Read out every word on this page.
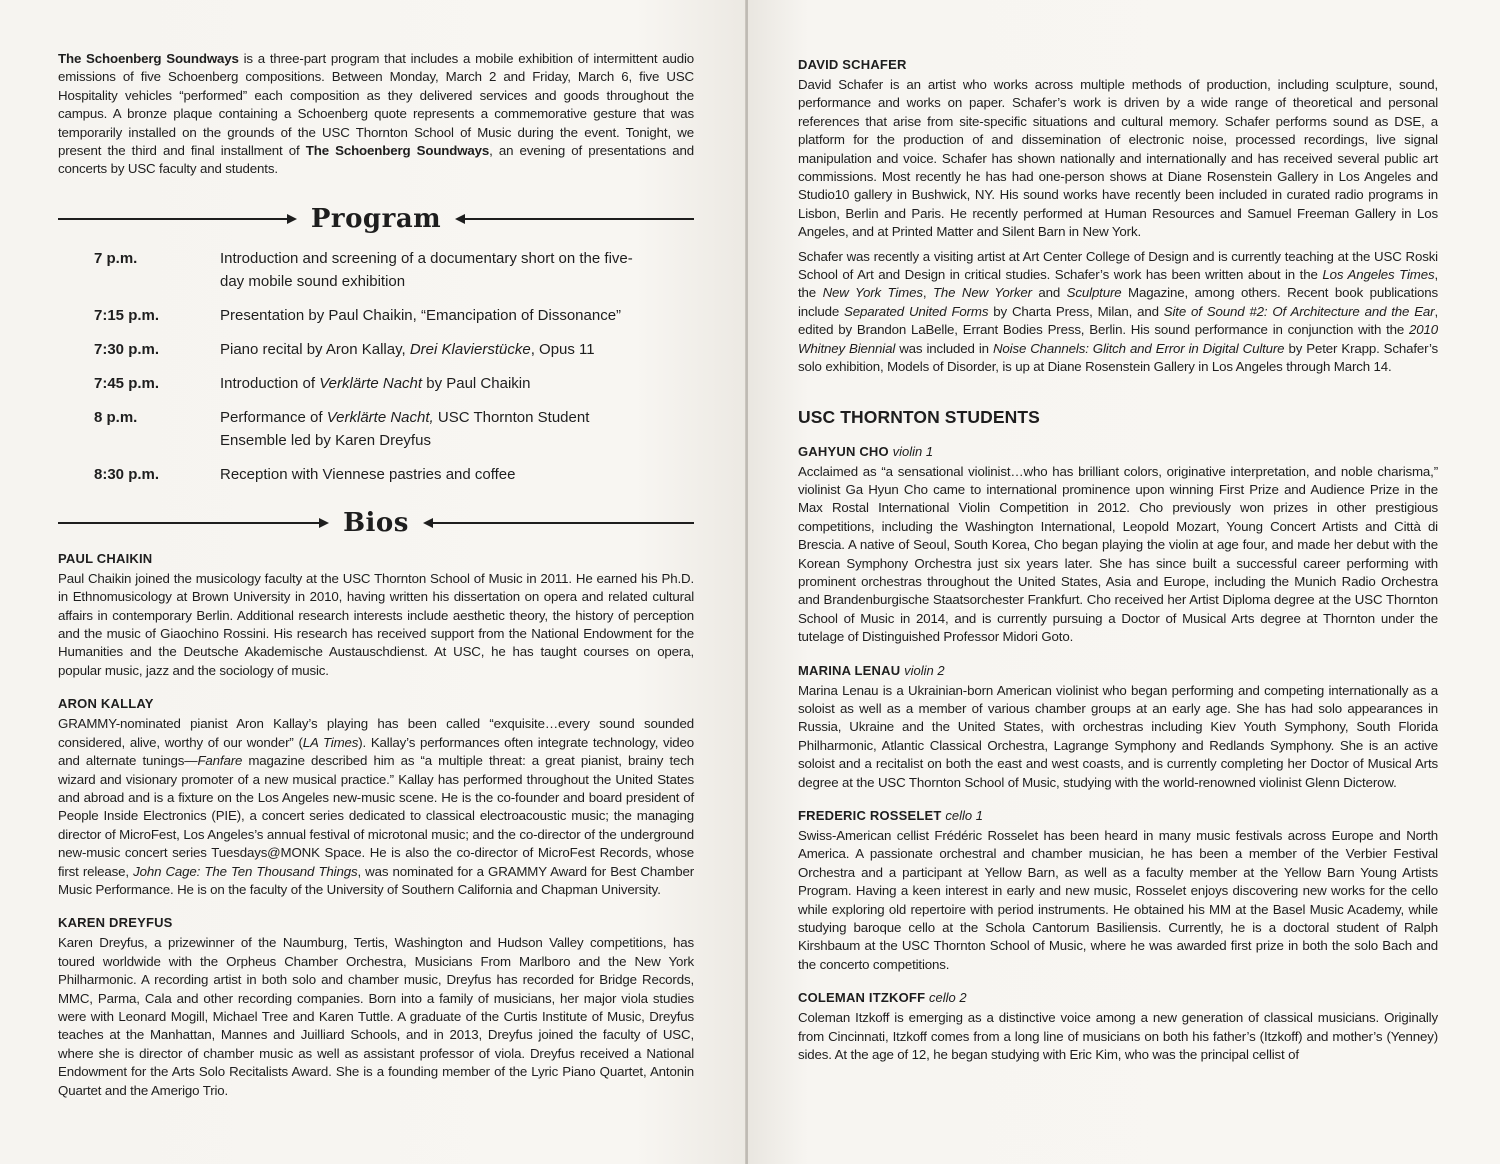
The Schoenberg Soundways is a three-part program that includes a mobile exhibition of intermittent audio emissions of five Schoenberg compositions. Between Monday, March 2 and Friday, March 6, five USC Hospitality vehicles “performed” each composition as they delivered services and goods throughout the campus. A bronze plaque containing a Schoenberg quote represents a commemorative gesture that was temporarily installed on the grounds of the USC Thornton School of Music during the event. Tonight, we present the third and final installment of The Schoenberg Soundways, an evening of presentations and concerts by USC faculty and students.

Program
7 p.m.	Introduction and screening of a documentary short on the five-day mobile sound exhibition
7:15 p.m.	Presentation by Paul Chaikin, “Emancipation of Dissonance”
7:30 p.m.	Piano recital by Aron Kallay, Drei Klavierstücke, Opus 11
7:45 p.m.	Introduction of Verklärte Nacht by Paul Chaikin
8 p.m.	Performance of Verklärte Nacht, USC Thornton Student Ensemble led by Karen Dreyfus
8:30 p.m.	Reception with Viennese pastries and coffee
Bios
PAUL CHAIKIN

Paul Chaikin joined the musicology faculty at the USC Thornton School of Music in 2011. He earned his Ph.D. in Ethnomusicology at Brown University in 2010, having written his dissertation on opera and related cultural affairs in contemporary Berlin. Additional research interests include aesthetic theory, the history of perception and the music of Giaochino Rossini. His research has received support from the National Endowment for the Humanities and the Deutsche Akademische Austauschdienst. At USC, he has taught courses on opera, popular music, jazz and the sociology of music.

ARON KALLAY

GRAMMY-nominated pianist Aron Kallay’s playing has been called “exquisite…every sound sounded considered, alive, worthy of our wonder” (LA Times). Kallay’s performances often integrate technology, video and alternate tunings—Fanfare magazine described him as “a multiple threat: a great pianist, brainy tech wizard and visionary promoter of a new musical practice.” Kallay has performed throughout the United States and abroad and is a fixture on the Los Angeles new-music scene. He is the co-founder and board president of People Inside Electronics (PIE), a concert series dedicated to classical electroacoustic music; the managing director of MicroFest, Los Angeles’s annual festival of microtonal music; and the co-director of the underground new-music concert series Tuesdays@MONK Space. He is also the co-director of MicroFest Records, whose first release, John Cage: The Ten Thousand Things, was nominated for a GRAMMY Award for Best Chamber Music Performance. He is on the faculty of the University of Southern California and Chapman University.

KAREN DREYFUS

Karen Dreyfus, a prizewinner of the Naumburg, Tertis, Washington and Hudson Valley competitions, has toured worldwide with the Orpheus Chamber Orchestra, Musicians From Marlboro and the New York Philharmonic. A recording artist in both solo and chamber music, Dreyfus has recorded for Bridge Records, MMC, Parma, Cala and other recording companies. Born into a family of musicians, her major viola studies were with Leonard Mogill, Michael Tree and Karen Tuttle. A graduate of the Curtis Institute of Music, Dreyfus teaches at the Manhattan, Mannes and Juilliard Schools, and in 2013, Dreyfus joined the faculty of USC, where she is director of chamber music as well as assistant professor of viola. Dreyfus received a National Endowment for the Arts Solo Recitalists Award. She is a founding member of the Lyric Piano Quartet, Antonin Quartet and the Amerigo Trio.

DAVID SCHAFER

David Schafer is an artist who works across multiple methods of production, including sculpture, sound, performance and works on paper. Schafer’s work is driven by a wide range of theoretical and personal references that arise from site-specific situations and cultural memory. Schafer performs sound as DSE, a platform for the production of and dissemination of electronic noise, processed recordings, live signal manipulation and voice. Schafer has shown nationally and internationally and has received several public art commissions. Most recently he has had one-person shows at Diane Rosenstein Gallery in Los Angeles and Studio10 gallery in Bushwick, NY. His sound works have recently been included in curated radio programs in Lisbon, Berlin and Paris. He recently performed at Human Resources and Samuel Freeman Gallery in Los Angeles, and at Printed Matter and Silent Barn in New York.

Schafer was recently a visiting artist at Art Center College of Design and is currently teaching at the USC Roski School of Art and Design in critical studies. Schafer’s work has been written about in the Los Angeles Times, the New York Times, The New Yorker and Sculpture Magazine, among others. Recent book publications include Separated United Forms by Charta Press, Milan, and Site of Sound #2: Of Architecture and the Ear, edited by Brandon LaBelle, Errant Bodies Press, Berlin. His sound performance in conjunction with the 2010 Whitney Biennial was included in Noise Channels: Glitch and Error in Digital Culture by Peter Krapp. Schafer’s solo exhibition, Models of Disorder, is up at Diane Rosenstein Gallery in Los Angeles through March 14.

USC THORNTON STUDENTS
GAHYUN CHO violin 1

Acclaimed as “a sensational violinist…who has brilliant colors, originative interpretation, and noble charisma,” violinist Ga Hyun Cho came to international prominence upon winning First Prize and Audience Prize in the Max Rostal International Violin Competition in 2012. Cho previously won prizes in other prestigious competitions, including the Washington International, Leopold Mozart, Young Concert Artists and Città di Brescia. A native of Seoul, South Korea, Cho began playing the violin at age four, and made her debut with the Korean Symphony Orchestra just six years later. She has since built a successful career performing with prominent orchestras throughout the United States, Asia and Europe, including the Munich Radio Orchestra and Brandenburgische Staatsorchester Frankfurt. Cho received her Artist Diploma degree at the USC Thornton School of Music in 2014, and is currently pursuing a Doctor of Musical Arts degree at Thornton under the tutelage of Distinguished Professor Midori Goto.

MARINA LENAU violin 2

Marina Lenau is a Ukrainian-born American violinist who began performing and competing internationally as a soloist as well as a member of various chamber groups at an early age. She has had solo appearances in Russia, Ukraine and the United States, with orchestras including Kiev Youth Symphony, South Florida Philharmonic, Atlantic Classical Orchestra, Lagrange Symphony and Redlands Symphony. She is an active soloist and a recitalist on both the east and west coasts, and is currently completing her Doctor of Musical Arts degree at the USC Thornton School of Music, studying with the world-renowned violinist Glenn Dicterow.

FREDERIC ROSSELET cello 1

Swiss-American cellist Frédéric Rosselet has been heard in many music festivals across Europe and North America. A passionate orchestral and chamber musician, he has been a member of the Verbier Festival Orchestra and a participant at Yellow Barn, as well as a faculty member at the Yellow Barn Young Artists Program. Having a keen interest in early and new music, Rosselet enjoys discovering new works for the cello while exploring old repertoire with period instruments. He obtained his MM at the Basel Music Academy, while studying baroque cello at the Schola Cantorum Basiliensis. Currently, he is a doctoral student of Ralph Kirshbaum at the USC Thornton School of Music, where he was awarded first prize in both the solo Bach and the concerto competitions.

COLEMAN ITZKOFF cello 2

Coleman Itzkoff is emerging as a distinctive voice among a new generation of classical musicians. Originally from Cincinnati, Itzkoff comes from a long line of musicians on both his father’s (Itzkoff) and mother’s (Yenney) sides. At the age of 12, he began studying with Eric Kim, who was the principal cellist of
